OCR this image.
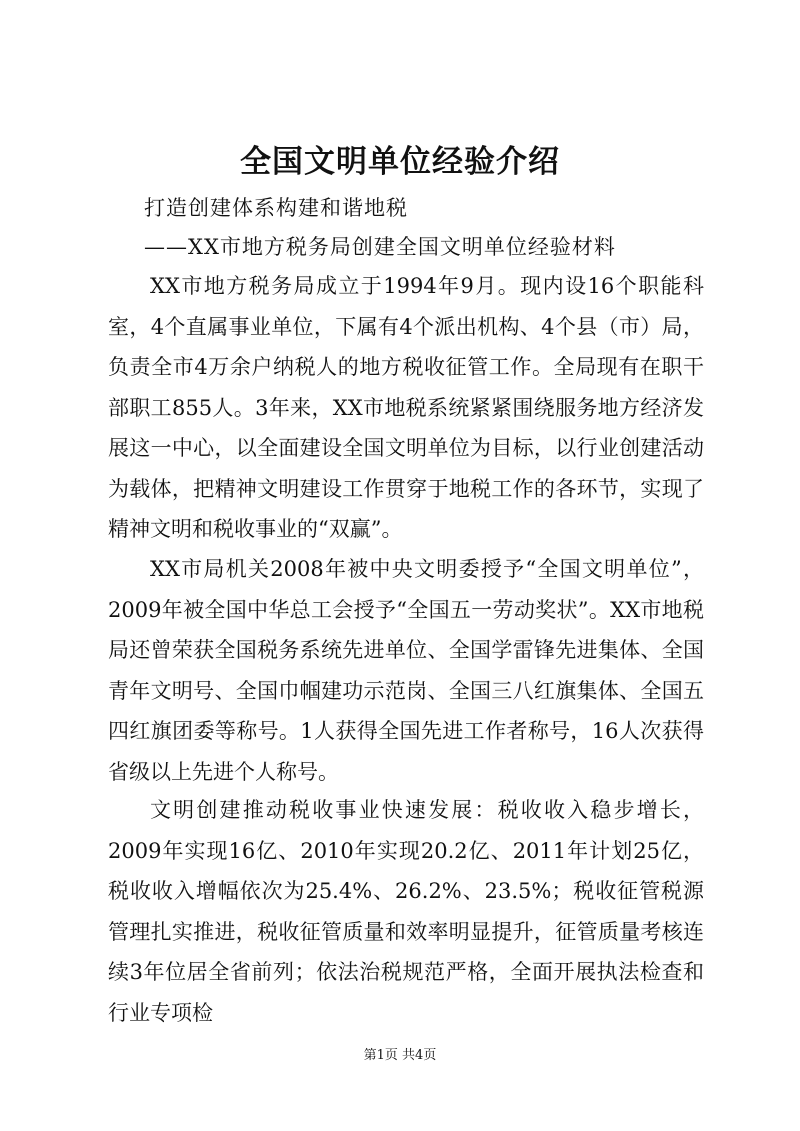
全国文明单位经验介绍
打造创建体系构建和谐地税
——XX市地方税务局创建全国文明单位经验材料

XX市地方税务局成立于1994年9月。现内设16个职能科室，4个直属事业单位，下属有4个派出机构、4个县（市）局，负责全市4万余户纳税人的地方税收征管工作。全局现有在职干部职工855人。3年来，XX市地税系统紧紧围绕服务地方经济发展这一中心，以全面建设全国文明单位为目标，以行业创建活动为载体，把精神文明建设工作贯穿于地税工作的各环节，实现了精神文明和税收事业的“双赢”。

XX市局机关2008年被中央文明委授予“全国文明单位”，2009年被全国中华总工会授予“全国五一劳动奖状”。XX市地税局还曾荣获全国税务系统先进单位、全国学雷锋先进集体、全国青年文明号、全国巾帼建功示范岗、全国三八红旗集体、全国五四红旗团委等称号。1人获得全国先进工作者称号，16人次获得省级以上先进个人称号。

文明创建推动税收事业快速发展：税收收入稳步增长，2009年实现16亿、2010年实现20.2亿、2011年计划25亿，税收收入增幅依次为25.4%、26.2%、23.5%；税收征管税源管理扎实推进，税收征管质量和效率明显提升，征管质量考核连续3年位居全省前列；依法治税规范严格，全面开展执法检查和行业专项检

第1页 共4页
